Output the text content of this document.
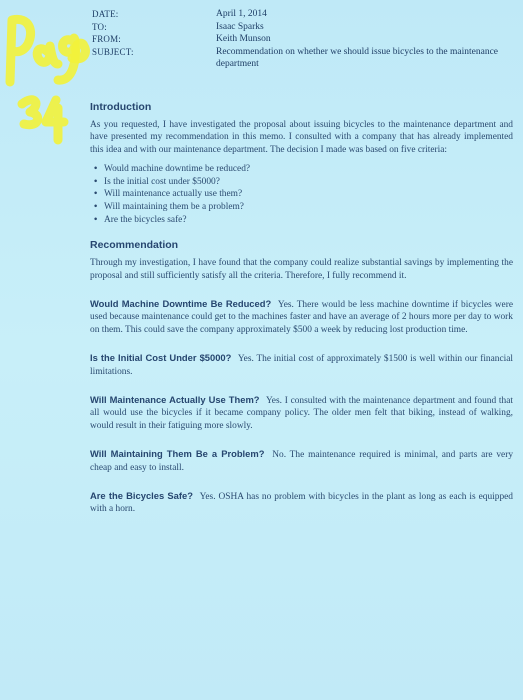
DATE:	April 1, 2014
TO:	Isaac Sparks
FROM:	Keith Munson
SUBJECT:	Recommendation on whether we should issue bicycles to the maintenance department
Introduction

As you requested, I have investigated the proposal about issuing bicycles to the maintenance department and have presented my recommendation in this memo. I consulted with a company that has already implemented this idea and with our maintenance department. The decision I made was based on five criteria:

• Would machine downtime be reduced?
• Is the initial cost under $5000?
• Will maintenance actually use them?
• Will maintaining them be a problem?
• Are the bicycles safe?
Recommendation

Through my investigation, I have found that the company could realize substantial savings by implementing the proposal and still sufficiently satisfy all the criteria. Therefore, I fully recommend it.

Would Machine Downtime Be Reduced? Yes. There would be less machine downtime if bicycles were used because maintenance could get to the machines faster and have an average of 2 hours more per day to work on them. This could save the company approximately $500 a week by reducing lost production time.

Is the Initial Cost Under $5000? Yes. The initial cost of approximately $1500 is well within our financial limitations.

Will Maintenance Actually Use Them? Yes. I consulted with the maintenance department and found that all would use the bicycles if it became company policy. The older men felt that biking, instead of walking, would result in their fatiguing more slowly.

Will Maintaining Them Be a Problem? No. The maintenance required is minimal, and parts are very cheap and easy to install.

Are the Bicycles Safe? Yes. OSHA has no problem with bicycles in the plant as long as each is equipped with a horn.
